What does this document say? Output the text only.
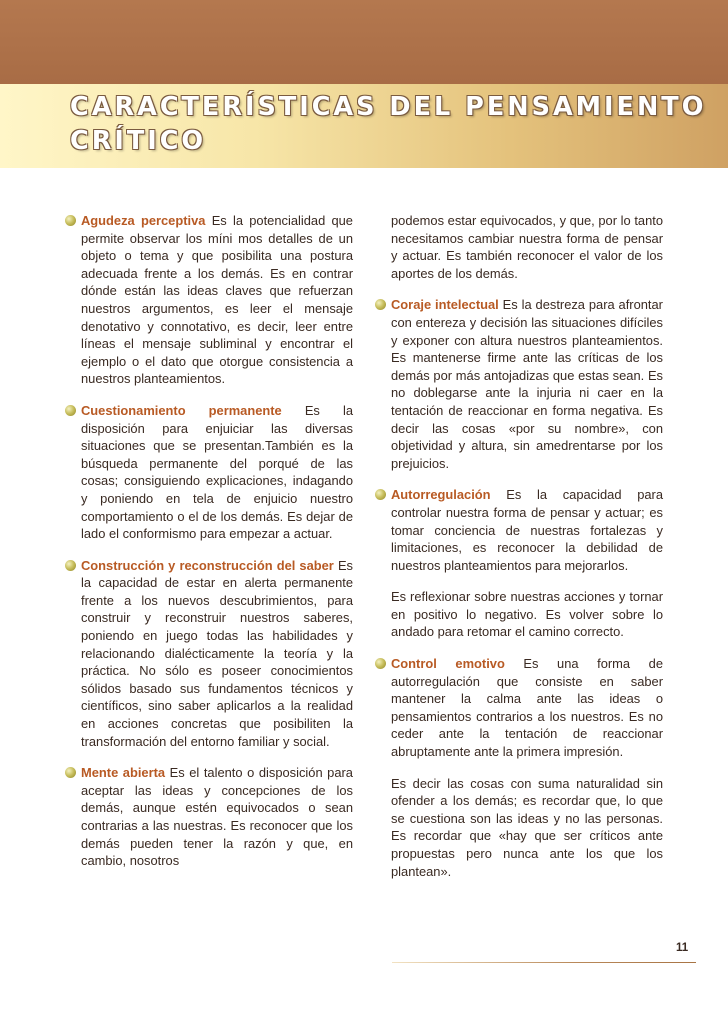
CARACTERÍSTICAS DEL PENSAMIENTO
CRÍTICO

Agudeza perceptiva Es la potencialidad que permite observar los míni mos detalles de un objeto o tema y que posibilita una postura adecuada frente a los demás. Es en contrar dónde están las ideas claves que refuerzan nuestros argumentos, es leer el mensaje denotativo y connotativo, es decir, leer entre líneas el mensaje subliminal y encontrar el ejemplo o el dato que otorgue consistencia a nuestros planteamientos.

Cuestionamiento permanente Es la disposición para enjuiciar las diversas situaciones que se presentan.También es la búsqueda permanente del porqué de las cosas; consiguiendo explicaciones, indagando y poniendo en tela de enjuicio nuestro comportamiento o el de los demás. Es dejar de lado el conformismo para empezar a actuar.

Construcción y reconstrucción del saber Es la capacidad de estar en alerta permanente frente a los nuevos descubrimientos, para construir y reconstruir nuestros saberes, poniendo en juego todas las habilidades y relacionando dialécticamente la teoría y la práctica. No sólo es poseer conocimientos sólidos basado sus fundamentos técnicos y científicos, sino saber aplicarlos a la realidad en acciones concretas que posibiliten la transformación del entorno familiar y social.

Mente abierta Es el talento o disposición para aceptar las ideas y concepciones de los demás, aunque estén equivocados o sean contrarias a las nuestras. Es reconocer que los demás pueden tener la razón y que, en cambio, nosotros

podemos estar equivocados, y que, por lo tanto necesitamos cambiar nuestra forma de pensar y actuar. Es también reconocer el valor de los aportes de los demás.

Coraje intelectual Es la destreza para afrontar con entereza y decisión las situaciones difíciles y exponer con altura nuestros planteamientos. Es mantenerse firme ante las críticas de los demás por más antojadizas que estas sean. Es no doblegarse ante la injuria ni caer en la tentación de reaccionar en forma negativa. Es decir las cosas «por su nombre», con objetividad y altura, sin amedrentarse por los prejuicios.

Autorregulación Es la capacidad para controlar nuestra forma de pensar y actuar; es tomar conciencia de nuestras fortalezas y limitaciones, es reconocer la debilidad de nuestros planteamientos para mejorarlos.

Es reflexionar sobre nuestras acciones y tornar en positivo lo negativo. Es volver sobre lo andado para retomar el camino correcto.

Control emotivo Es una forma de autorregulación que consiste en saber mantener la calma ante las ideas o pensamientos contrarios a los nuestros. Es no ceder ante la tentación de reaccionar abruptamente ante la primera impresión.

Es decir las cosas con suma naturalidad sin ofender a los demás; es recordar que, lo que se cuestiona son las ideas y no las personas. Es recordar que «hay que ser críticos ante propuestas pero nunca ante los que los plantean».

11
